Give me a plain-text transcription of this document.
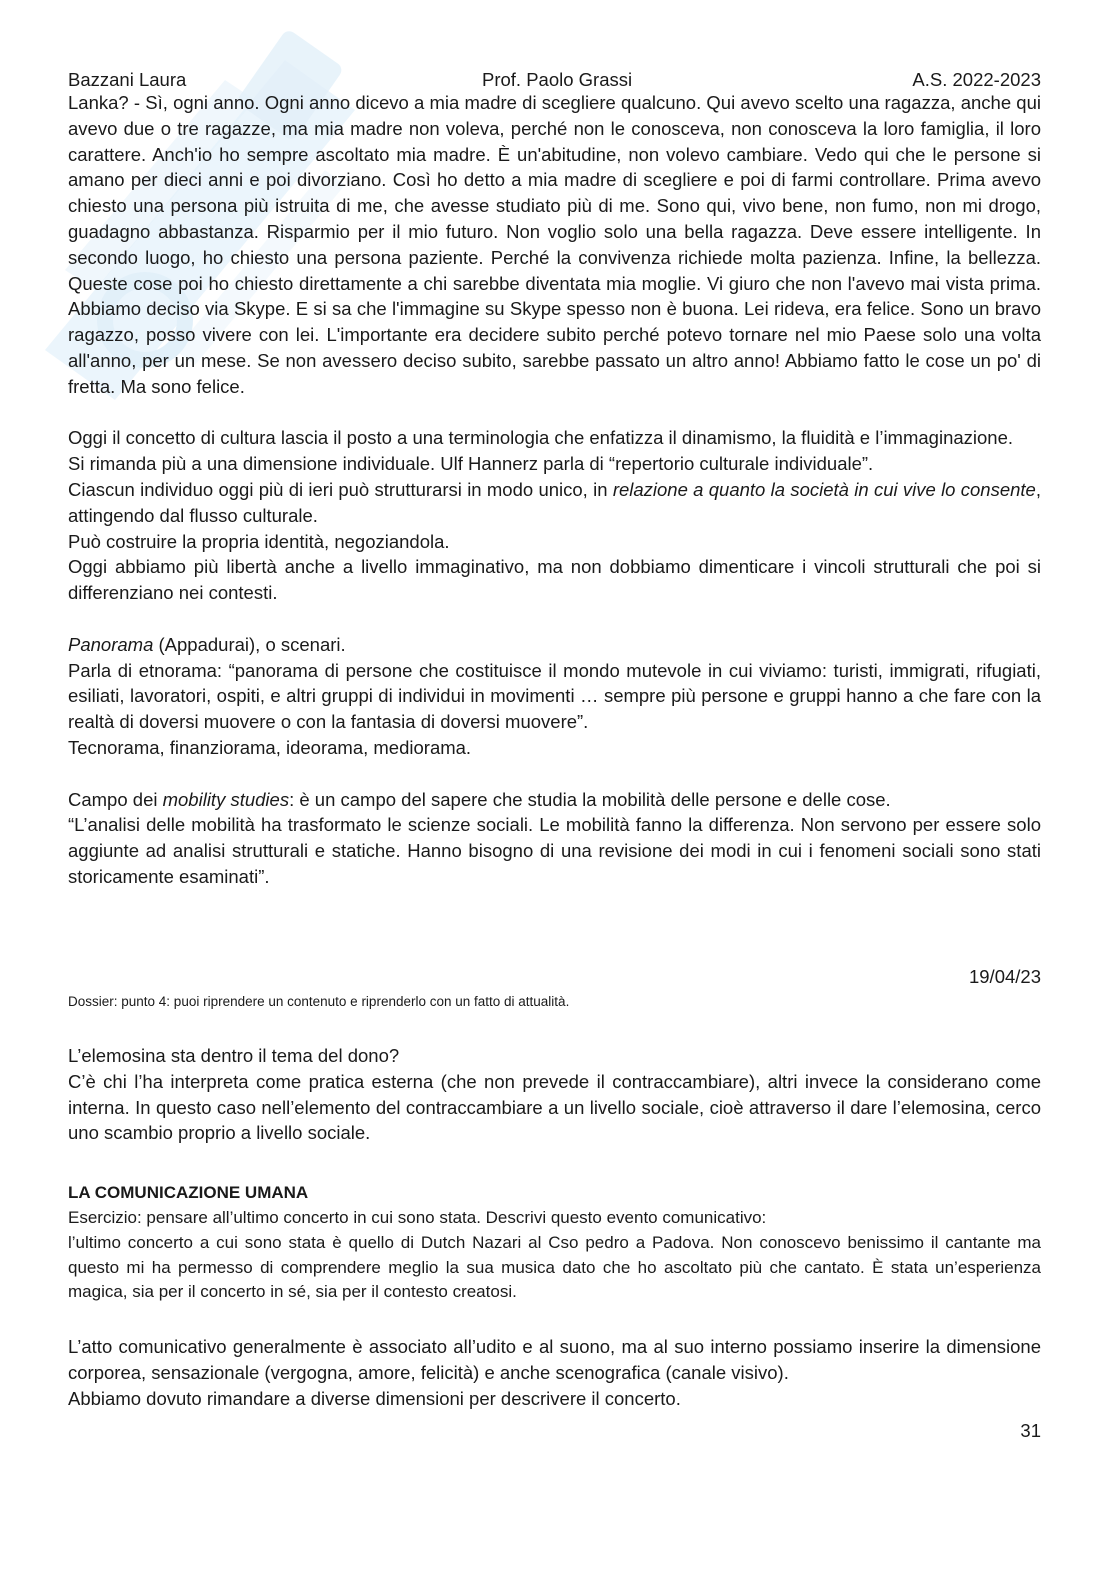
Bazzani Laura	Prof. Paolo Grassi	A.S. 2022-2023

Lanka? - Sì, ogni anno. Ogni anno dicevo a mia madre di scegliere qualcuno. Qui avevo scelto una ragazza, anche qui avevo due o tre ragazze, ma mia madre non voleva, perché non le conosceva, non conosceva la loro famiglia, il loro carattere. Anch'io ho sempre ascoltato mia madre. È un'abitudine, non volevo cambiare. Vedo qui che le persone si amano per dieci anni e poi divorziano. Così ho detto a mia madre di scegliere e poi di farmi controllare. Prima avevo chiesto una persona più istruita di me, che avesse studiato più di me. Sono qui, vivo bene, non fumo, non mi drogo, guadagno abbastanza. Risparmio per il mio futuro. Non voglio solo una bella ragazza. Deve essere intelligente. In secondo luogo, ho chiesto una persona paziente. Perché la convivenza richiede molta pazienza. Infine, la bellezza. Queste cose poi ho chiesto direttamente a chi sarebbe diventata mia moglie. Vi giuro che non l'avevo mai vista prima. Abbiamo deciso via Skype. E si sa che l'immagine su Skype spesso non è buona. Lei rideva, era felice. Sono un bravo ragazzo, posso vivere con lei. L'importante era decidere subito perché potevo tornare nel mio Paese solo una volta all'anno, per un mese. Se non avessero deciso subito, sarebbe passato un altro anno! Abbiamo fatto le cose un po' di fretta. Ma sono felice.

Oggi il concetto di cultura lascia il posto a una terminologia che enfatizza il dinamismo, la fluidità e l’immaginazione.

Si rimanda più a una dimensione individuale. Ulf Hannerz parla di “repertorio culturale individuale”.

Ciascun individuo oggi più di ieri può strutturarsi in modo unico, in relazione a quanto la società in cui vive lo consente, attingendo dal flusso culturale.

Può costruire la propria identità, negoziandola.

Oggi abbiamo più libertà anche a livello immaginativo, ma non dobbiamo dimenticare i vincoli strutturali che poi si differenziano nei contesti.

Panorama (Appadurai), o scenari.

Parla di etnorama: “panorama di persone che costituisce il mondo mutevole in cui viviamo: turisti, immigrati, rifugiati, esiliati, lavoratori, ospiti, e altri gruppi di individui in movimenti … sempre più persone e gruppi hanno a che fare con la realtà di doversi muovere o con la fantasia di doversi muovere”.

Tecnorama, finanziorama, ideorama, mediorama.

Campo dei mobility studies: è un campo del sapere che studia la mobilità delle persone e delle cose.

“L’analisi delle mobilità ha trasformato le scienze sociali. Le mobilità fanno la differenza. Non servono per essere solo aggiunte ad analisi strutturali e statiche. Hanno bisogno di una revisione dei modi in cui i fenomeni sociali sono stati storicamente esaminati”.

19/04/23
Dossier: punto 4: puoi riprendere un contenuto e riprenderlo con un fatto di attualità.

L’elemosina sta dentro il tema del dono?

C’è chi l’ha interpreta come pratica esterna (che non prevede il contraccambiare), altri invece la considerano come interna. In questo caso nell’elemento del contraccambiare a un livello sociale, cioè attraverso il dare l’elemosina, cerco uno scambio proprio a livello sociale.

LA COMUNICAZIONE UMANA

Esercizio: pensare all’ultimo concerto in cui sono stata. Descrivi questo evento comunicativo:

l’ultimo concerto a cui sono stata è quello di Dutch Nazari al Cso pedro a Padova. Non conoscevo benissimo il cantante ma questo mi ha permesso di comprendere meglio la sua musica dato che ho ascoltato più che cantato. È stata un’esperienza magica, sia per il concerto in sé, sia per il contesto creatosi.

L’atto comunicativo generalmente è associato all’udito e al suono, ma al suo interno possiamo inserire la dimensione corporea, sensazionale (vergogna, amore, felicità) e anche scenografica (canale visivo).

Abbiamo dovuto rimandare a diverse dimensioni per descrivere il concerto.

31
